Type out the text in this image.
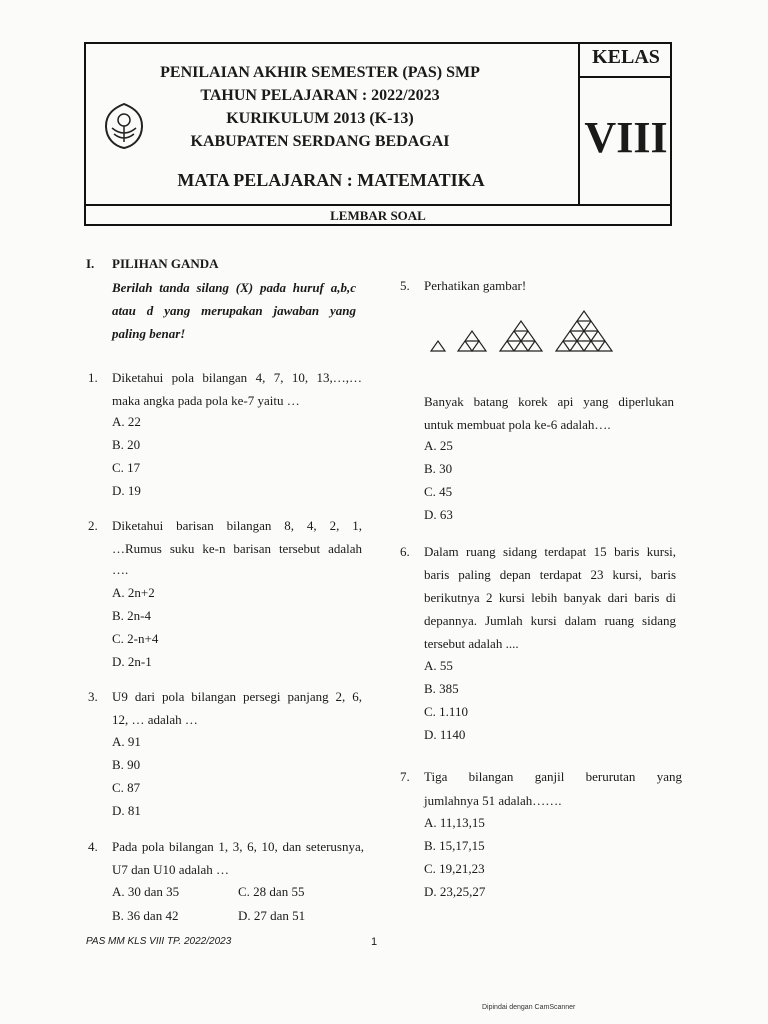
PENILAIAN AKHIR SEMESTER (PAS) SMP
TAHUN PELAJARAN : 2022/2023
KURIKULUM 2013 (K-13)
KABUPATEN SERDANG BEDAGAI
MATA PELAJARAN : MATEMATIKA
KELAS
VIII
LEMBAR SOAL
I. PILIHAN GANDA
Berilah tanda silang (X) pada huruf a,b,c
atau d yang merupakan jawaban yang
paling benar!
1. Diketahui pola bilangan 4, 7, 10, 13,…,…
maka angka pada pola ke-7 yaitu …
A. 22
B. 20
C. 17
D. 19
2. Diketahui barisan bilangan 8, 4, 2, 1,
…Rumus suku ke-n barisan tersebut adalah
….
A. 2n+2
B. 2n-4
C. 2-n+4
D. 2n-1
3. U9 dari pola bilangan persegi panjang 2, 6,
12, … adalah …
A. 91
B. 90
C. 87
D. 81
4. Pada pola bilangan 1, 3, 6, 10, dan seterusnya,
U7 dan U10 adalah …
A. 30 dan 35	C. 28 dan 55
B. 36 dan 42	D. 27 dan 51
5. Perhatikan gambar!
Banyak batang korek api yang diperlukan
untuk membuat pola ke-6 adalah….
A. 25
B. 30
C. 45
D. 63
6. Dalam ruang sidang terdapat 15 baris kursi,
baris paling depan terdapat 23 kursi, baris
berikutnya 2 kursi lebih banyak dari baris di
depannya. Jumlah kursi dalam ruang sidang
tersebut adalah ....
A. 55
B. 385
C. 1.110
D. 1140
7. Tiga bilangan ganjil berurutan yang
jumlahnya 51 adalah…….
A. 11,13,15
B. 15,17,15
C. 19,21,23
D. 23,25,27
PAS MM KLS VIII TP. 2022/2023	1
Dipindai dengan CamScanner
